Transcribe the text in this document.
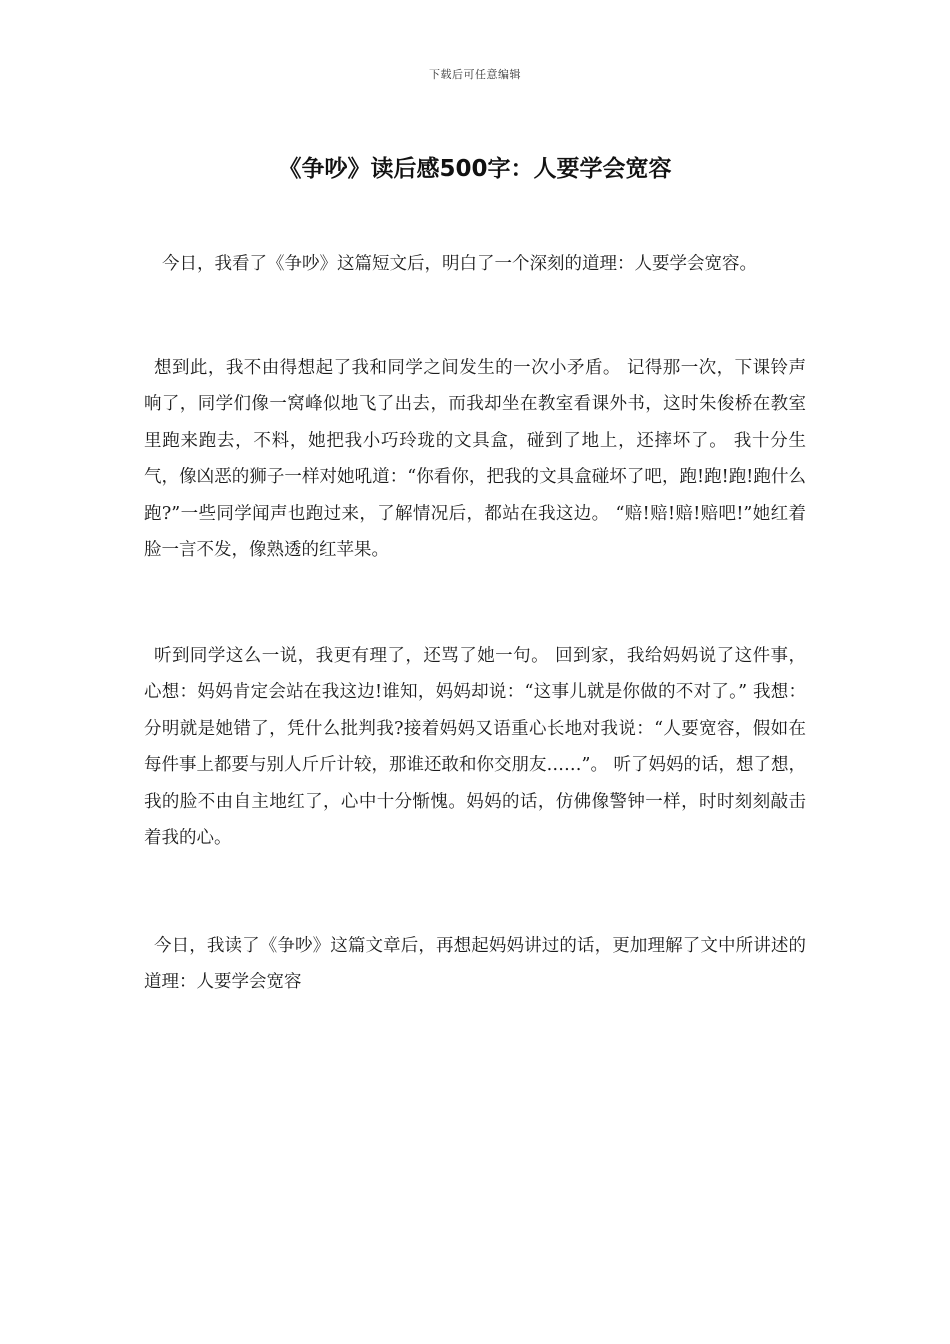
下载后可任意编辑
《争吵》读后感500字：人要学会宽容

今日，我看了《争吵》这篇短文后，明白了一个深刻的道理：人要学会宽容。

想到此，我不由得想起了我和同学之间发生的一次小矛盾。 记得那一次，下课铃声响了，同学们像一窝峰似地飞了出去，而我却坐在教室看课外书，这时朱俊桥在教室里跑来跑去，不料，她把我小巧玲珑的文具盒，碰到了地上，还摔坏了。 我十分生气，像凶恶的狮子一样对她吼道：“你看你，把我的文具盒碰坏了吧，跑!跑!跑!跑什么跑?”一些同学闻声也跑过来，了解情况后，都站在我这边。 “赔!赔!赔!赔吧!”她红着脸一言不发，像熟透的红苹果。

听到同学这么一说，我更有理了，还骂了她一句。 回到家，我给妈妈说了这件事，心想：妈妈肯定会站在我这边!谁知，妈妈却说：“这事儿就是你做的不对了。” 我想：分明就是她错了，凭什么批判我?接着妈妈又语重心长地对我说：“人要宽容，假如在每件事上都要与别人斤斤计较，那谁还敢和你交朋友……”。 听了妈妈的话，想了想，我的脸不由自主地红了，心中十分惭愧。妈妈的话，仿佛像警钟一样，时时刻刻敲击着我的心。

今日，我读了《争吵》这篇文章后，再想起妈妈讲过的话，更加理解了文中所讲述的道理：人要学会宽容
